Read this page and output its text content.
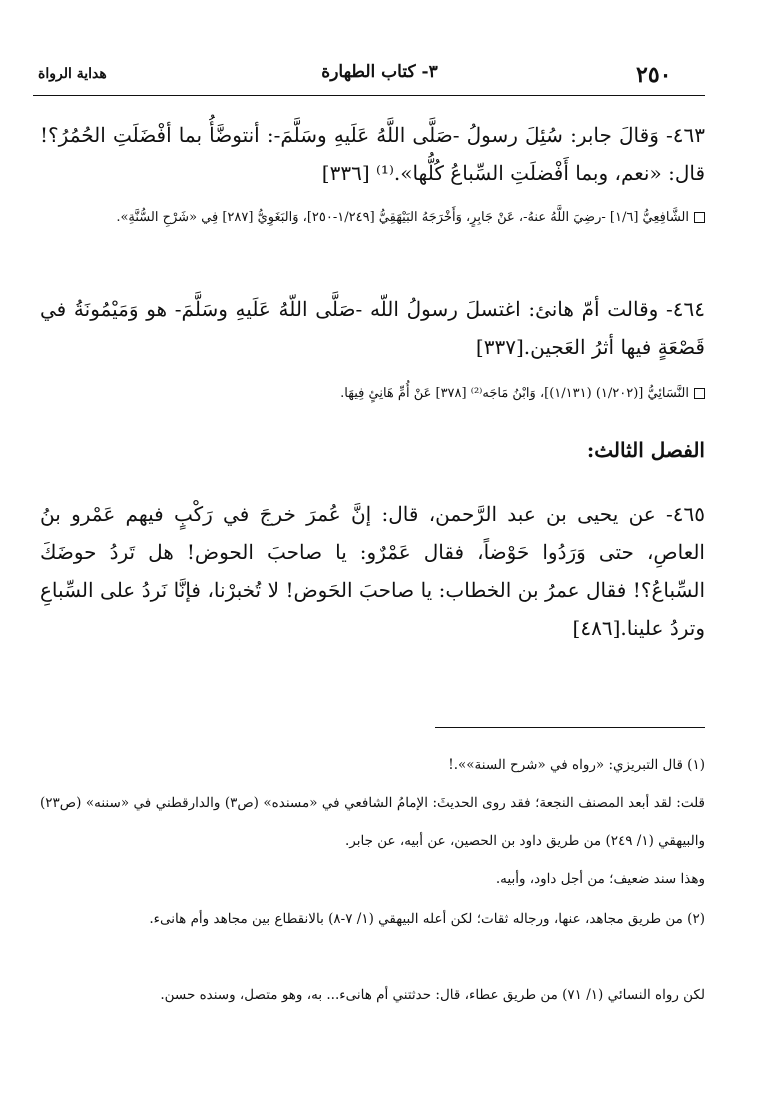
٢٥٠
٣- كتاب الطهارة
هداية الرواة
٤٦٣- وَقالَ جابر: سُئِلَ رسولُ -صَلَّى اللَّهُ عَلَيهِ وسَلَّمَ-: أنتوضَّأُ بما أفْضَلَتِ الحُمُرُ؟! قال: «نعم، وبما أَفْضلَتِ السِّباعُ كُلُّها».⁽¹⁾ [٣٣٦]
الشَّافِعِيُّ [١/٦] -رضِيَ اللَّهُ عنهُ-، عَنْ جَابِرٍ، وَأَخْرَجَهُ البَيْهَقِيُّ [١/٢٤٩-٢٥٠]، وَالبَغَوِيُّ [٢٨٧] فِي «شَرْحِ السُّنَّةِ».
٤٦٤- وقالت أمّ هانئ: اغتسلَ رسولُ اللّه -صَلَّى اللّهُ عَلَيهِ وسَلَّمَ- هو وَمَيْمُونَةُ في قَصْعَةٍ فيها أثرُ العَجين.[٣٣٧]
النَّسَائِيُّ [(١/٢٠٢) (١/١٣١)]، وَابْنُ مَاجَه⁽²⁾ [٣٧٨] عَنْ أُمِّ هَانِئٍ فِيهَا.
الفصل الثالث:
٤٦٥- عن يحيى بن عبد الرَّحمن، قال: إنَّ عُمرَ خرجَ في رَكْبٍ فيهم عَمْرو بنُ العاصِ، حتى وَرَدُوا حَوْضاً، فقال عَمْرٌو: يا صاحبَ الحوض! هل تَردُ حوضَكَ السِّباعُ؟! فقال عمرُ بن الخطاب: يا صاحبَ الحَوض! لا تُخبرْنا، فإنَّا نَردُ على السِّباعِ وتردُ علينا.[٤٨٦]
(١) قال التبريزي: «رواه في «شرح السنة»».!
قلت: لقد أبعد المصنف النجعة؛ فقد روى الحديثَ: الإمامُ الشافعي في «مسنده» (ص٣) والدارقطني في «سننه» (ص٢٣) والبيهقي (١/ ٢٤٩) من طريق داود بن الحصين، عن أبيه، عن جابر.
وهذا سند ضعيف؛ من أجل داود، وأبيه.
(٢) من طريق مجاهد، عنها، ورجاله ثقات؛ لكن أعله البيهقي (١/ ٧-٨) بالانقطاع بين مجاهد وأم هانىء.
لكن رواه النسائي (١/ ٧١) من طريق عطاء، قال: حدثتني أم هانىء... به، وهو متصل، وسنده حسن.
